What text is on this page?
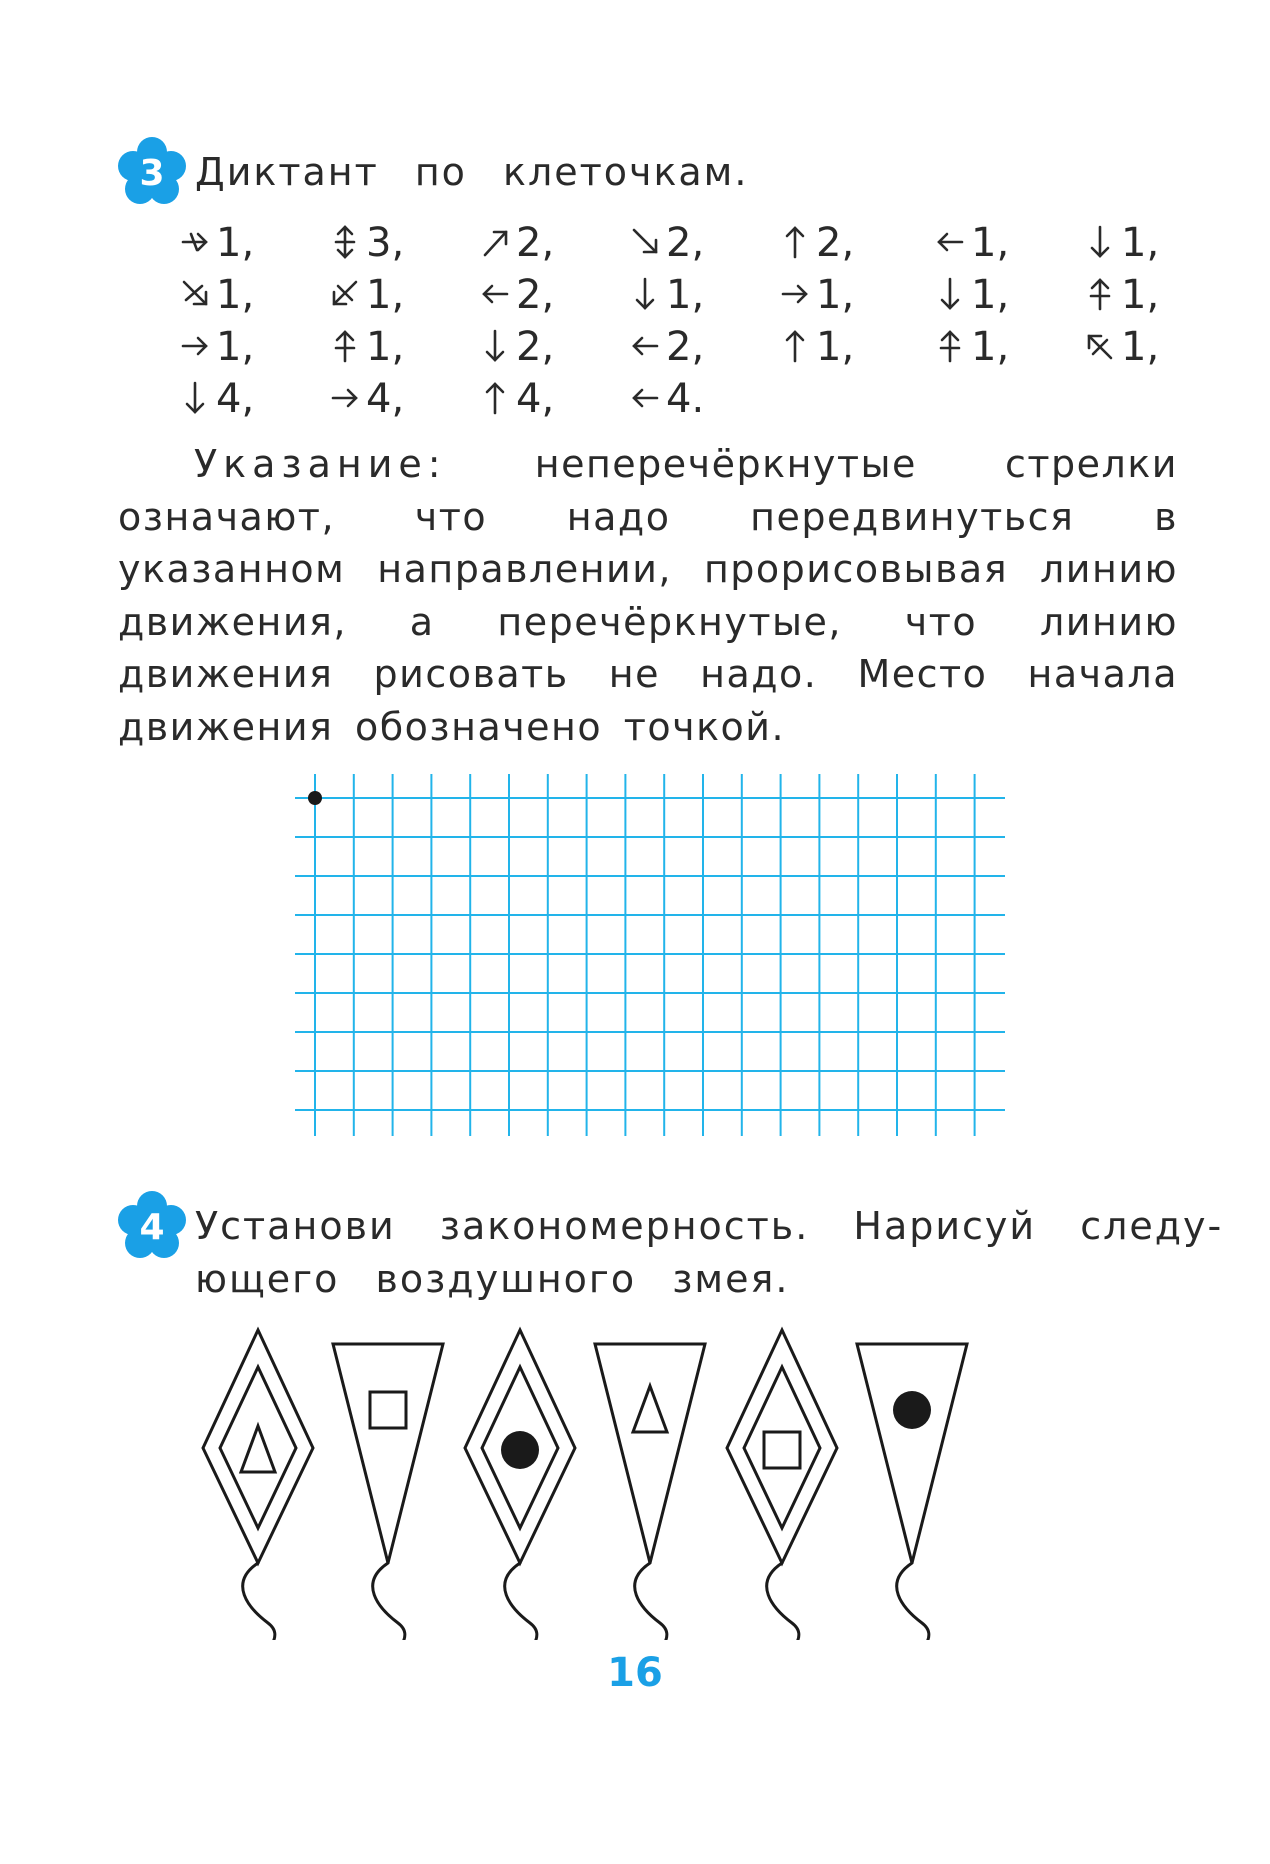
3 Диктант по клеточкам.
1,	3,	2,	2,	2,	1,	1,
1,	1,	2,	1,	1,	1,	1,
1,	1,	2,	2,	1,	1,	1,
4,	4,	4,	4.

Указание: неперечёркнутые стрелки означают, что надо передвинуться в указанном направлении, прорисовывая линию движения, а перечёркнутые, что линию движения рисовать не надо. Место начала движения обозначено точкой.

4 Установи закономерность. Нарисуй следу-
ющего воздушного змея.
16
